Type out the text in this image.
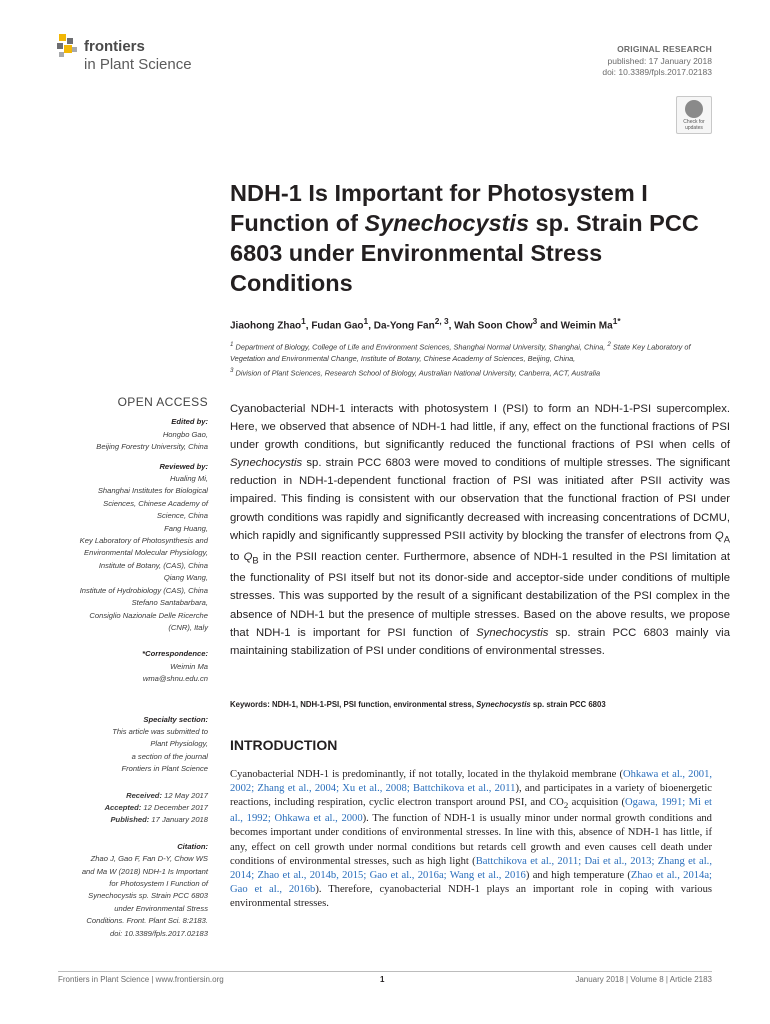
frontiers
in Plant Science
ORIGINAL RESEARCH
published: 17 January 2018
doi: 10.3389/fpls.2017.02183
Check for
updates
NDH-1 Is Important for Photosystem I Function of Synechocystis sp. Strain PCC 6803 under Environmental Stress Conditions
Jiaohong Zhao$^1$, Fudan Gao$^1$, Da-Yong Fan$^{2, 3}$, Wah Soon Chow$^3$ and Weimin $Ma^{1*}$

$^1$ Department of Biology, College of Life and Environment Sciences, Shanghai Normal University, Shanghai, China, $^2$ State Key Laboratory of Vegetation and Environmental Change, Institute of Botany, Chinese Academy of Sciences, Beijing, China,

$^3$ Division of Plant Sciences, Research School of Biology, Australian National University, Canberra, ACT, Australia

OPEN ACCESS
Edited by:
Hongbo Gao,
Beijing Forestry University, China
Reviewed by:
Hualing Mi,
Shanghai Institutes for Biological
Sciences, Chinese Academy of
Science, China
Fang Huang,
Key Laboratory of Photosynthesis and
Environmental Molecular Physiology,
Institute of Botany, (CAS), China
Qiang Wang,
Institute of Hydrobiology (CAS), China
Stefano Santabarbara,
Consiglio Nazionale Delle Ricerche
(CNR), Italy
*Correspondence:
Weimin Ma
wma@shnu.edu.cn
Specialty section:
This article was submitted to
Plant Physiology,
a section of the journal
Frontiers in Plant Science
Received: 12 May 2017
Accepted: 12 December 2017
Published: 17 January 2018
Citation:
Zhao J, Gao F, Fan D-Y, Chow WS
and Ma W (2018) NDH-1 Is Important
for Photosystem I Function of
Synechocystis sp. Strain PCC 6803
under Environmental Stress
Conditions. Front. Plant Sci. 8:2183.
doi: 10.3389/fpls.2017.02183
Cyanobacterial NDH-1 interacts with photosystem I (PSI) to form an NDH-1-PSI supercomplex. Here, we observed that absence of NDH-1 had little, if any, effect on the functional fractions of PSI under growth conditions, but significantly reduced the functional fractions of PSI when cells of Synechocystis sp. strain PCC 6803 were moved to conditions of multiple stresses. The significant reduction in NDH-1-dependent functional fraction of PSI was initiated after PSII activity was impaired. This finding is consistent with our observation that the functional fraction of PSI under growth conditions was rapidly and significantly decreased with increasing concentrations of DCMU, which rapidly and significantly suppressed PSII activity by blocking the transfer of electrons from $Q_A$ to $Q_B$ in the PSII reaction center. Furthermore, absence of NDH-1 resulted in the PSI limitation at the functionality of PSI itself but not its donor-side and acceptor-side under conditions of multiple stresses. This was supported by the result of a significant destabilization of the PSI complex in the absence of NDH-1 but the presence of multiple stresses. Based on the above results, we propose that NDH-1 is important for PSI function of Synechocystis sp. strain PCC 6803 mainly via maintaining stabilization of PSI under conditions of environmental stresses.
Keywords: NDH-1, NDH-1-PSI, PSI function, environmental stress, Synechocystis sp. strain PCC 6803
INTRODUCTION
Cyanobacterial NDH-1 is predominantly, if not totally, located in the thylakoid membrane (Ohkawa et al., 2001, 2002; Zhang et al., 2004; Xu et al., 2008; Battchikova et al., 2011), and participates in a variety of bioenergetic reactions, including respiration, cyclic electron transport around PSI, and $CO_2$ acquisition (Ogawa, 1991; Mi et al., 1992; Ohkawa et al., 2000). The function of NDH-1 is usually minor under normal growth conditions and becomes important under conditions of environmental stresses. In line with this, absence of NDH-1 has little, if any, effect on cell growth under normal conditions but retards cell growth and even causes cell death under conditions of environmental stresses, such as high light (Battchikova et al., 2011; Dai et al., 2013; Zhang et al., 2014; Zhao et al., 2014b, 2015; Gao et al., 2016a; Wang et al., 2016) and high temperature (Zhao et al., 2014a; Gao et al., 2016b). Therefore, cyanobacterial NDH-1 plays an important role in coping with various environmental stresses.
Frontiers in Plant Science | www.frontiersin.org	1	January 2018 | Volume 8 | Article 2183
